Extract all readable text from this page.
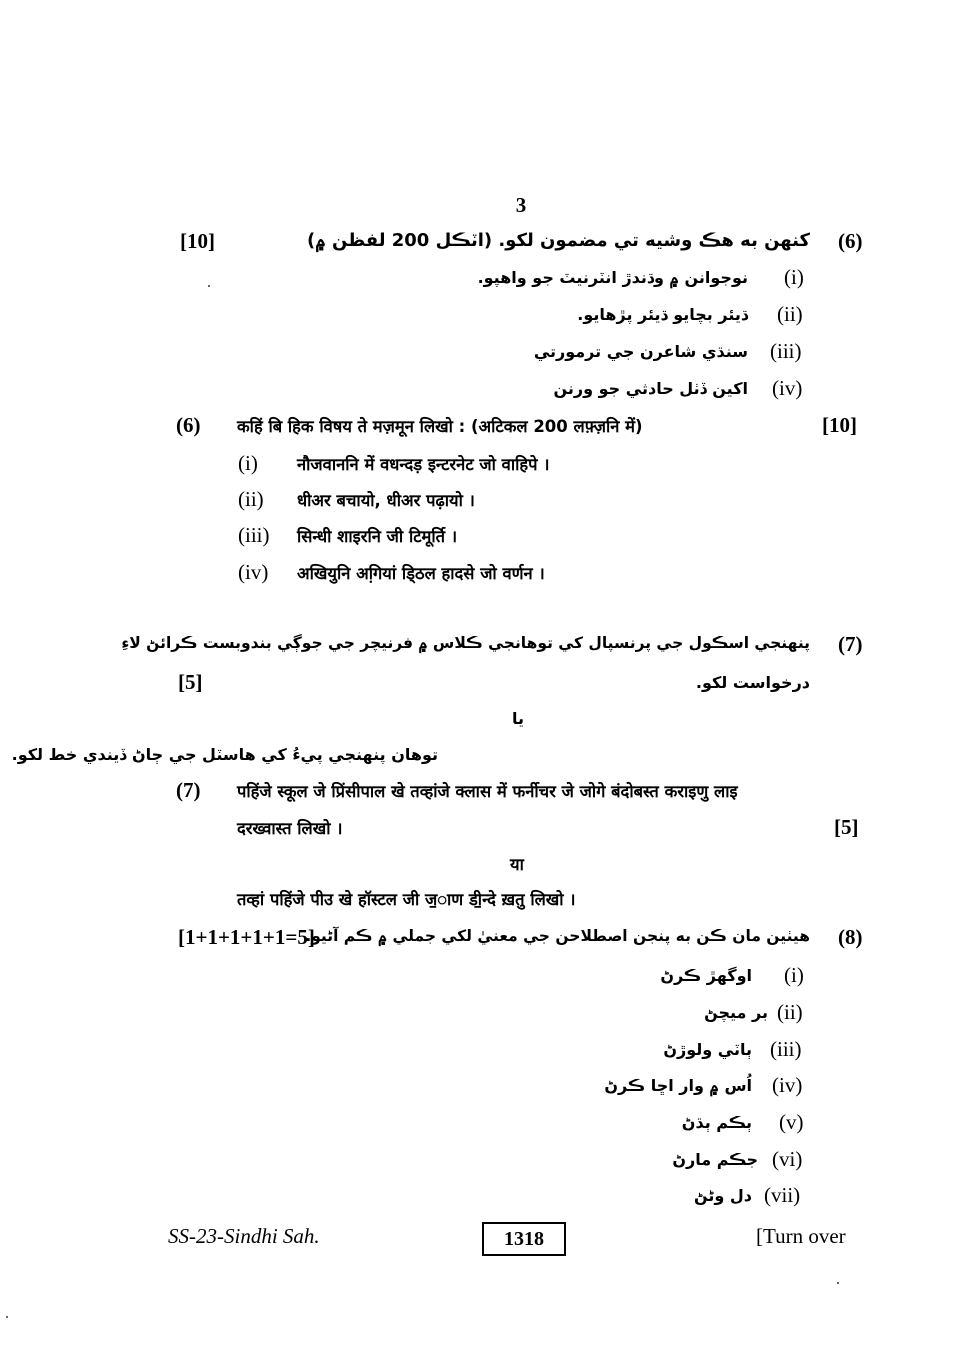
3
[10]	كنهن به هڪ وشيه تي مضمون لکو. (اٽڪل 200 لفظن ۾) (6)
(i)
نوجوانن ۾ وڌندڙ انٽرنيٽ جو واهپو.
(ii)
ڌيئر بچايو ڌيئر پڙهايو.
(iii)
سنڌي شاعرن جي ترمورتي
(iv)
اکين ڏٺل حادثي جو ورنن
(6) कहिं बि हिक विषय ते मज़मून लिखो : (अटिकल 200 लफ़्ज़नि में)	[10]
(i) नौजवाननि में वधन्दड़ इन्टरनेट जो वाहिपे ।
(ii) धीअर बचायो, धीअर पढ़ायो ।
(iii) सिन्धी शाइरनि जी टिमूर्ति ।
(iv) अखियुनि अगि़यां डि्ठल हादसे जो वर्णन ।
(7)
پنهنجي اسڪول جي پرنسپال کي توهانجي ڪلاس ۾ فرنيچر جي جوڳي بندوبست ڪرائڻ لاءِ
[5]	درخواست لکو.
يا
توهان پنهنجي پيءُ کي هاسٽل جي ڄاڻ ڏيندي خط لکو.
(7) पहिंजे स्कूल जे प्रिंसीपाल खे तव्हांजे क्लास में फर्नीचर जे जोगे बंदोबस्त कराइणु लाइ
दरख्वास्त लिखो ।	[5]
या
तव्हां पहिंजे पीउ खे हॉस्टल जी ज॒ाण डी॒न्दे ख़तु लिखो ।
[1+1+1+1+1=5]
هيٺين مان ڪن به پنجن اصطلاحن جي معنيٰ لکي جملي ۾ ڪم آڻيو. (8)
(i)
اوگهڙ ڪرڻ
(ii)
بر ميچڻ
(iii)
ٻاٽي ولوڙڻ
(iv)
اُس ۾ وار اڇا ڪرڻ
(v)
ٻڪم ٻڌڻ
(vi)
جڪم مارڻ
(vii)
دل وڻڻ
SS-23-Sindhi Sah.	1318	[Turn over
